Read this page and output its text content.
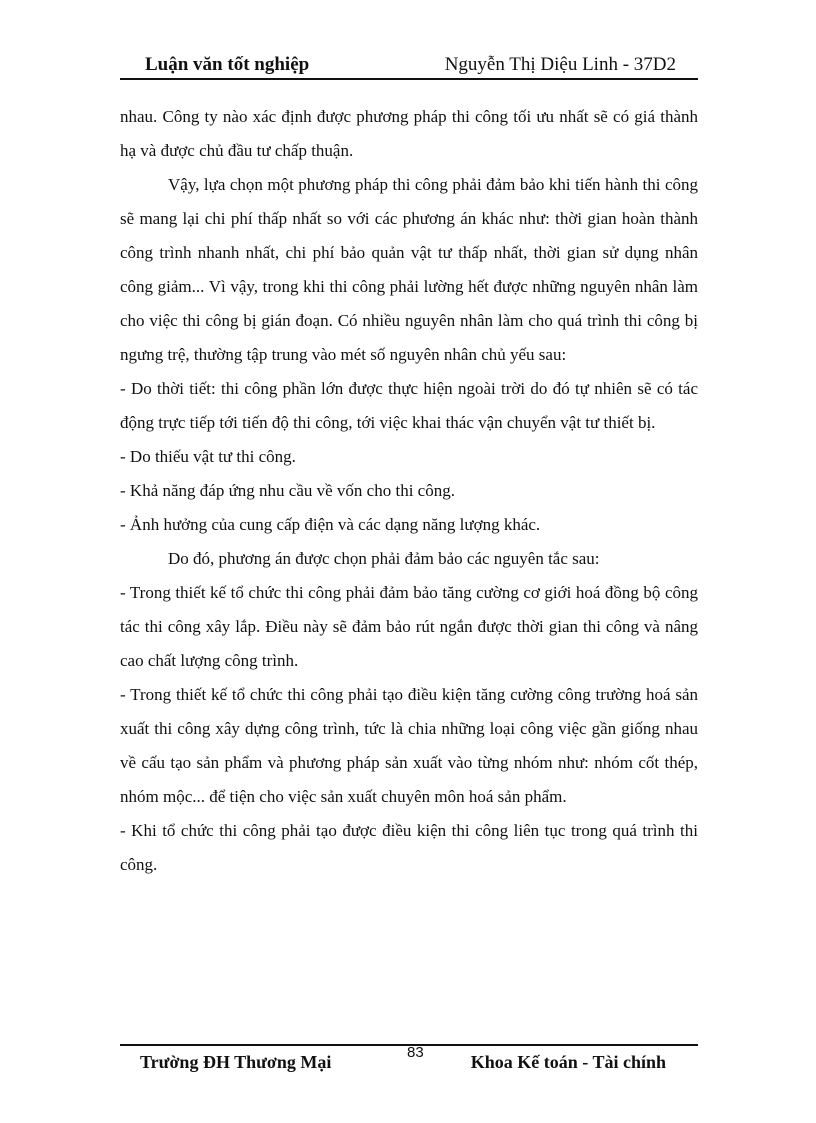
Luận văn tốt nghiệp	Nguyễn Thị Diệu Linh - 37D2

nhau. Công ty nào xác định được phương pháp thi công tối ưu nhất sẽ có giá thành hạ và được chủ đầu tư chấp thuận.

Vậy, lựa chọn một phương pháp thi công phải đảm bảo khi tiến hành thi công sẽ mang lại chi phí thấp nhất so với các phương án khác như: thời gian hoàn thành công trình nhanh nhất, chi phí bảo quản vật tư thấp nhất, thời gian sử dụng nhân công giảm... Vì vậy, trong khi thi công phải lường hết được những nguyên nhân làm cho việc thi công bị gián đoạn. Có nhiều nguyên nhân làm cho quá trình thi công bị ngưng trệ, thường tập trung vào mét số nguyên nhân chủ yếu sau:

- Do thời tiết: thi công phần lớn được thực hiện ngoài trời do đó tự nhiên sẽ có tác động trực tiếp tới tiến độ thi công, tới việc khai thác vận chuyển vật tư thiết bị.

- Do thiếu vật tư thi công.

- Khả năng đáp ứng nhu cầu về vốn cho thi công.

- Ảnh hưởng của cung cấp điện và các dạng năng lượng khác.

Do đó, phương án được chọn phải đảm bảo các nguyên tắc sau:

- Trong thiết kế tổ chức thi công phải đảm bảo tăng cường cơ giới hoá đồng bộ công tác thi công xây lắp. Điều này sẽ đảm bảo rút ngắn được thời gian thi công và nâng cao chất lượng công trình.

- Trong thiết kế tổ chức thi công phải tạo điều kiện tăng cường công trường hoá sản xuất thi công xây dựng công trình, tức là chia những loại công việc gần giống nhau về cấu tạo sản phẩm và phương pháp sản xuất vào từng nhóm như: nhóm cốt thép, nhóm mộc... để tiện cho việc sản xuất chuyên môn hoá sản phẩm.

- Khi tổ chức thi công phải tạo được điều kiện thi công liên tục trong quá trình thi công.

Trường ĐH Thương Mại	83	Khoa Kế toán - Tài chính
